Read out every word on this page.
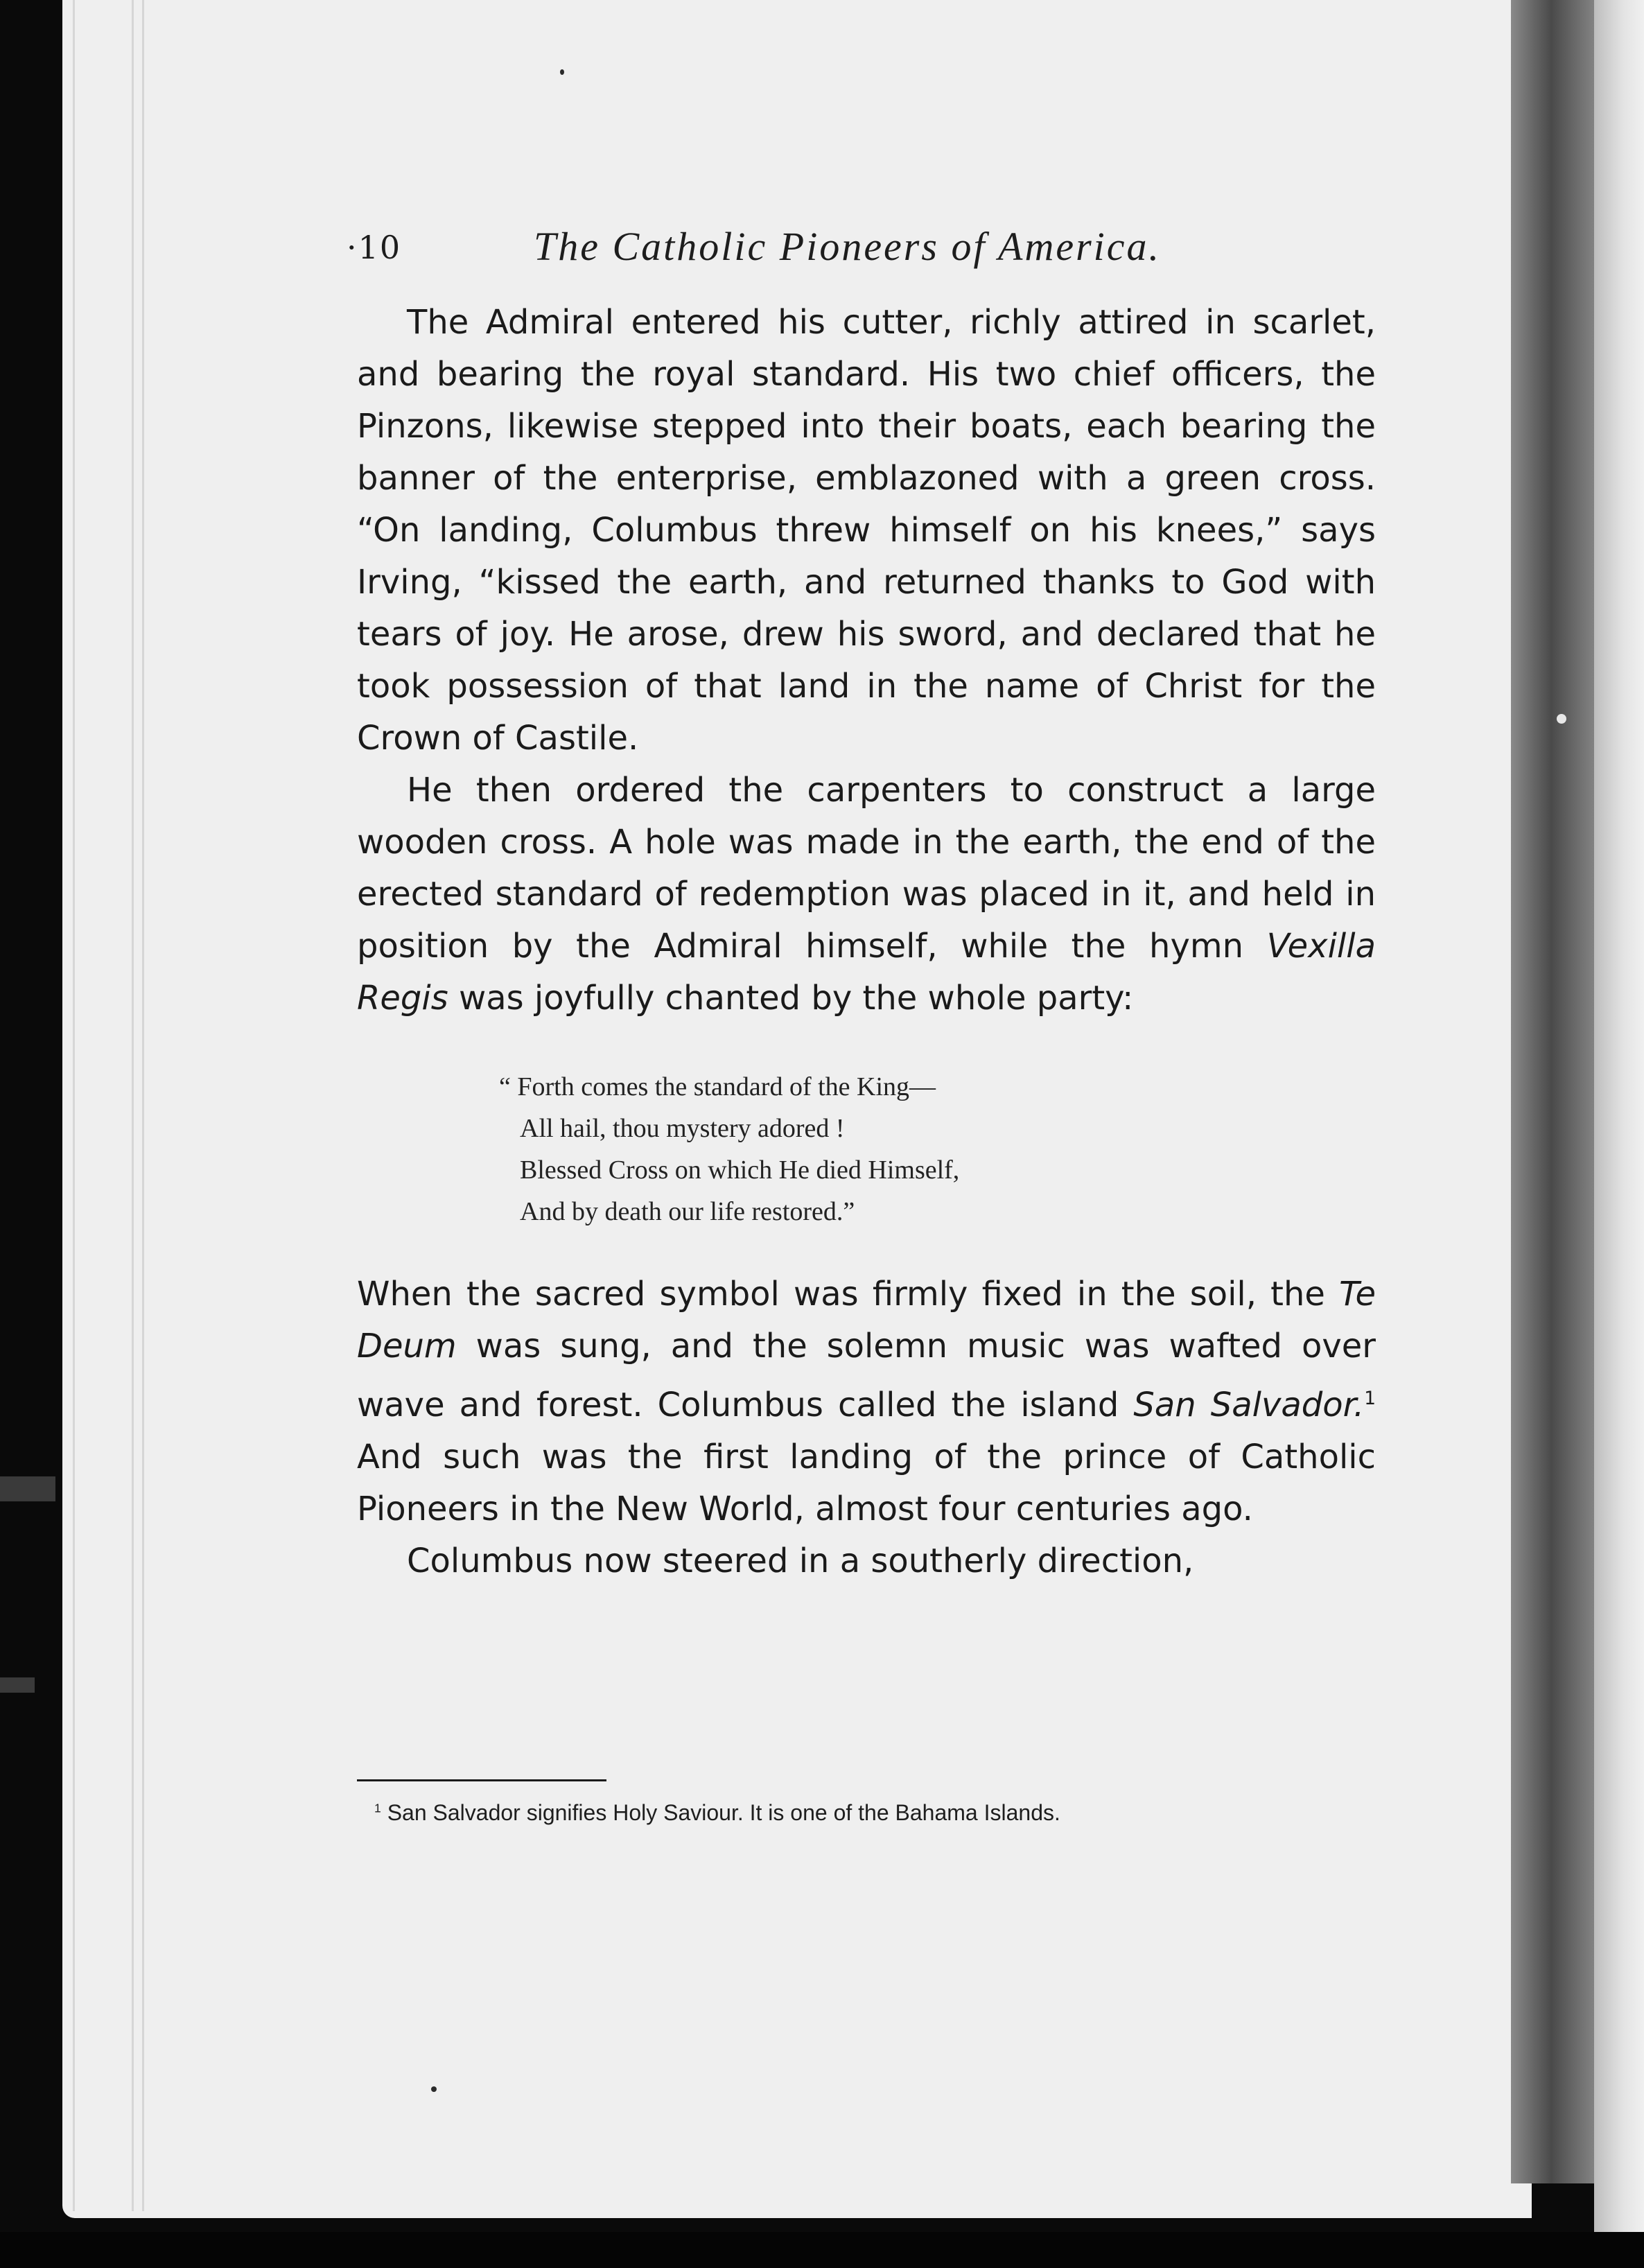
·10	The Catholic Pioneers of America.

The Admiral entered his cutter, richly attired in scarlet, and bearing the royal standard. His two chief officers, the Pinzons, likewise stepped into their boats, each bearing the banner of the enterprise, emblazoned with a green cross. “On landing, Columbus threw himself on his knees,” says Irving, “kissed the earth, and returned thanks to God with tears of joy. He arose, drew his sword, and declared that he took possession of that land in the name of Christ for the Crown of Castile.

He then ordered the carpenters to construct a large wooden cross. A hole was made in the earth, the end of the erected standard of redemption was placed in it, and held in position by the Admiral himself, while the hymn Vexilla Regis was joyfully chanted by the whole party:

“ Forth comes the standard of the King—
All hail, thou mystery adored !
Blessed Cross on which He died Himself,
And by death our life restored.”

When the sacred symbol was firmly fixed in the soil, the Te Deum was sung, and the solemn music was wafted over wave and forest. Columbus called the island San Salvador.$^1$ And such was the first landing of the prince of Catholic Pioneers in the New World, almost four centuries ago.

Columbus now steered in a southerly direction,

$^1$ San Salvador signifies Holy Saviour. It is one of the Bahama Islands.
